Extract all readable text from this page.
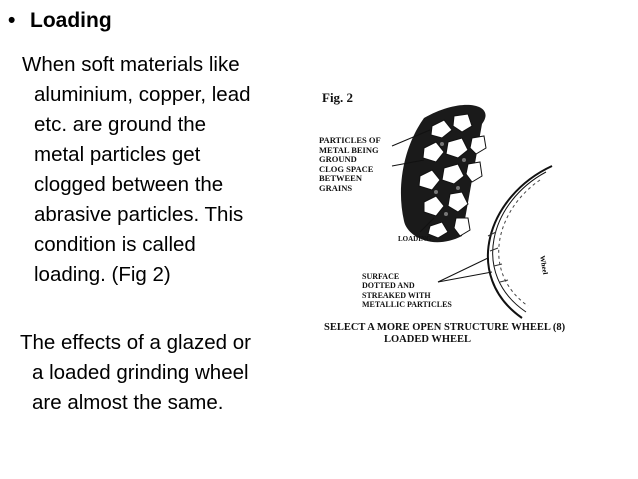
• Loading
When soft materials like
aluminium, copper, lead
etc. are ground the
metal particles get
clogged between the
abrasive particles. This
condition is called
loading. (Fig 2)
The effects of a glazed or
a loaded grinding wheel
are almost the same.
Wheel
Fig. 2
PARTICLES OF
METAL BEING
GROUND
CLOG SPACE
BETWEEN
GRAINS
LOADING
SURFACE
DOTTED AND
STREAKED WITH
METALLIC PARTICLES
SELECT A MORE OPEN STRUCTURE WHEEL (8)
LOADED WHEEL
